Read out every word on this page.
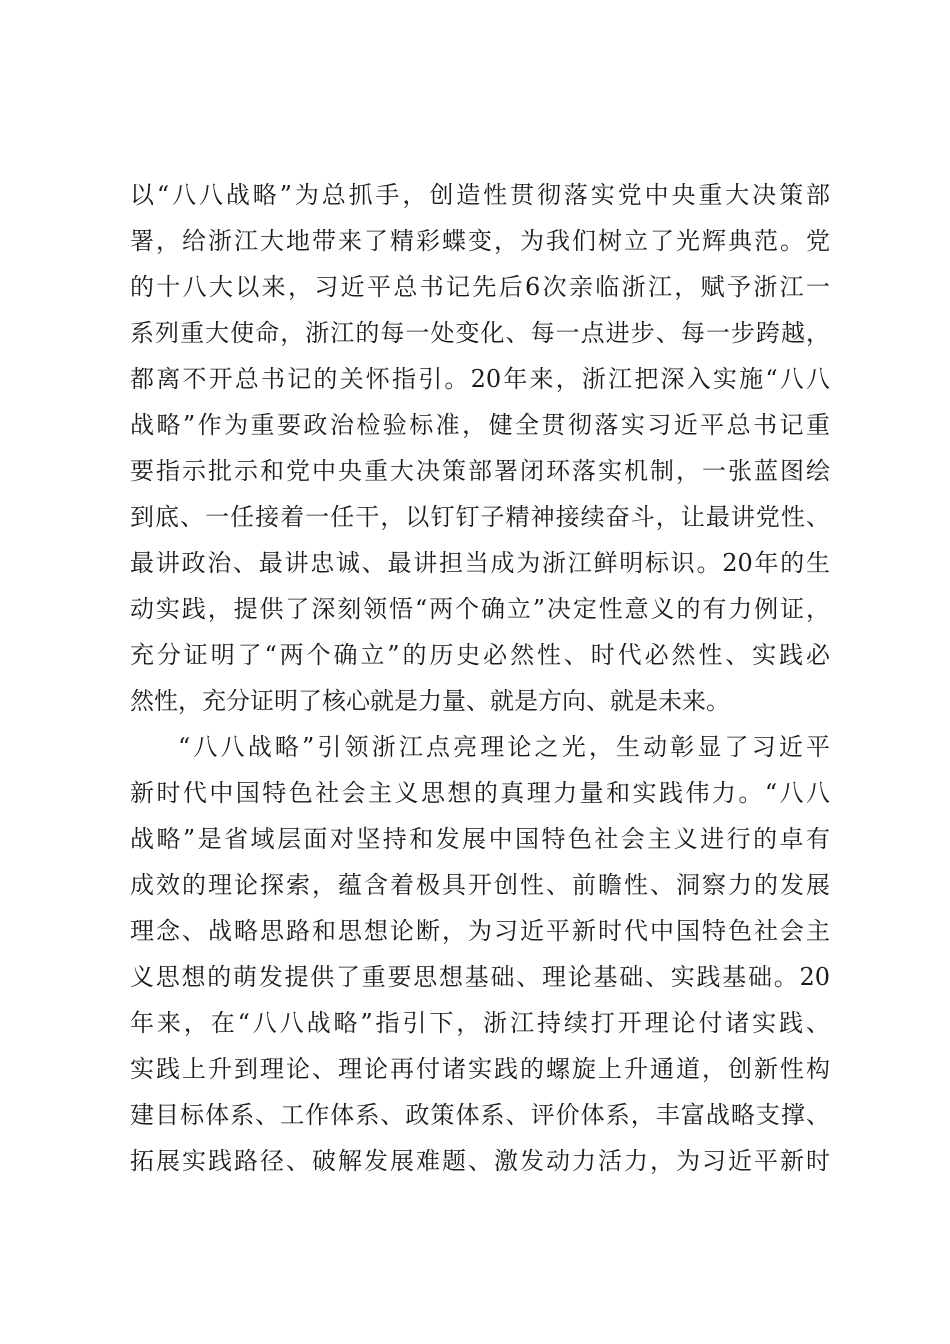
以“八八战略”为总抓手，创造性贯彻落实党中央重大决策部
署，给浙江大地带来了精彩蝶变，为我们树立了光辉典范。党
的十八大以来，习近平总书记先后6次亲临浙江，赋予浙江一
系列重大使命，浙江的每一处变化、每一点进步、每一步跨越，
都离不开总书记的关怀指引。20年来，浙江把深入实施“八八
战略”作为重要政治检验标准，健全贯彻落实习近平总书记重
要指示批示和党中央重大决策部署闭环落实机制，一张蓝图绘
到底、一任接着一任干，以钉钉子精神接续奋斗，让最讲党性、
最讲政治、最讲忠诚、最讲担当成为浙江鲜明标识。20年的生
动实践，提供了深刻领悟“两个确立”决定性意义的有力例证，
充分证明了“两个确立”的历史必然性、时代必然性、实践必
然性，充分证明了核心就是力量、就是方向、就是未来。
“八八战略”引领浙江点亮理论之光，生动彰显了习近平
新时代中国特色社会主义思想的真理力量和实践伟力。“八八
战略”是省域层面对坚持和发展中国特色社会主义进行的卓有
成效的理论探索，蕴含着极具开创性、前瞻性、洞察力的发展
理念、战略思路和思想论断，为习近平新时代中国特色社会主
义思想的萌发提供了重要思想基础、理论基础、实践基础。20
年来，在“八八战略”指引下，浙江持续打开理论付诸实践、
实践上升到理论、理论再付诸实践的螺旋上升通道，创新性构
建目标体系、工作体系、政策体系、评价体系，丰富战略支撑、
拓展实践路径、破解发展难题、激发动力活力，为习近平新时
